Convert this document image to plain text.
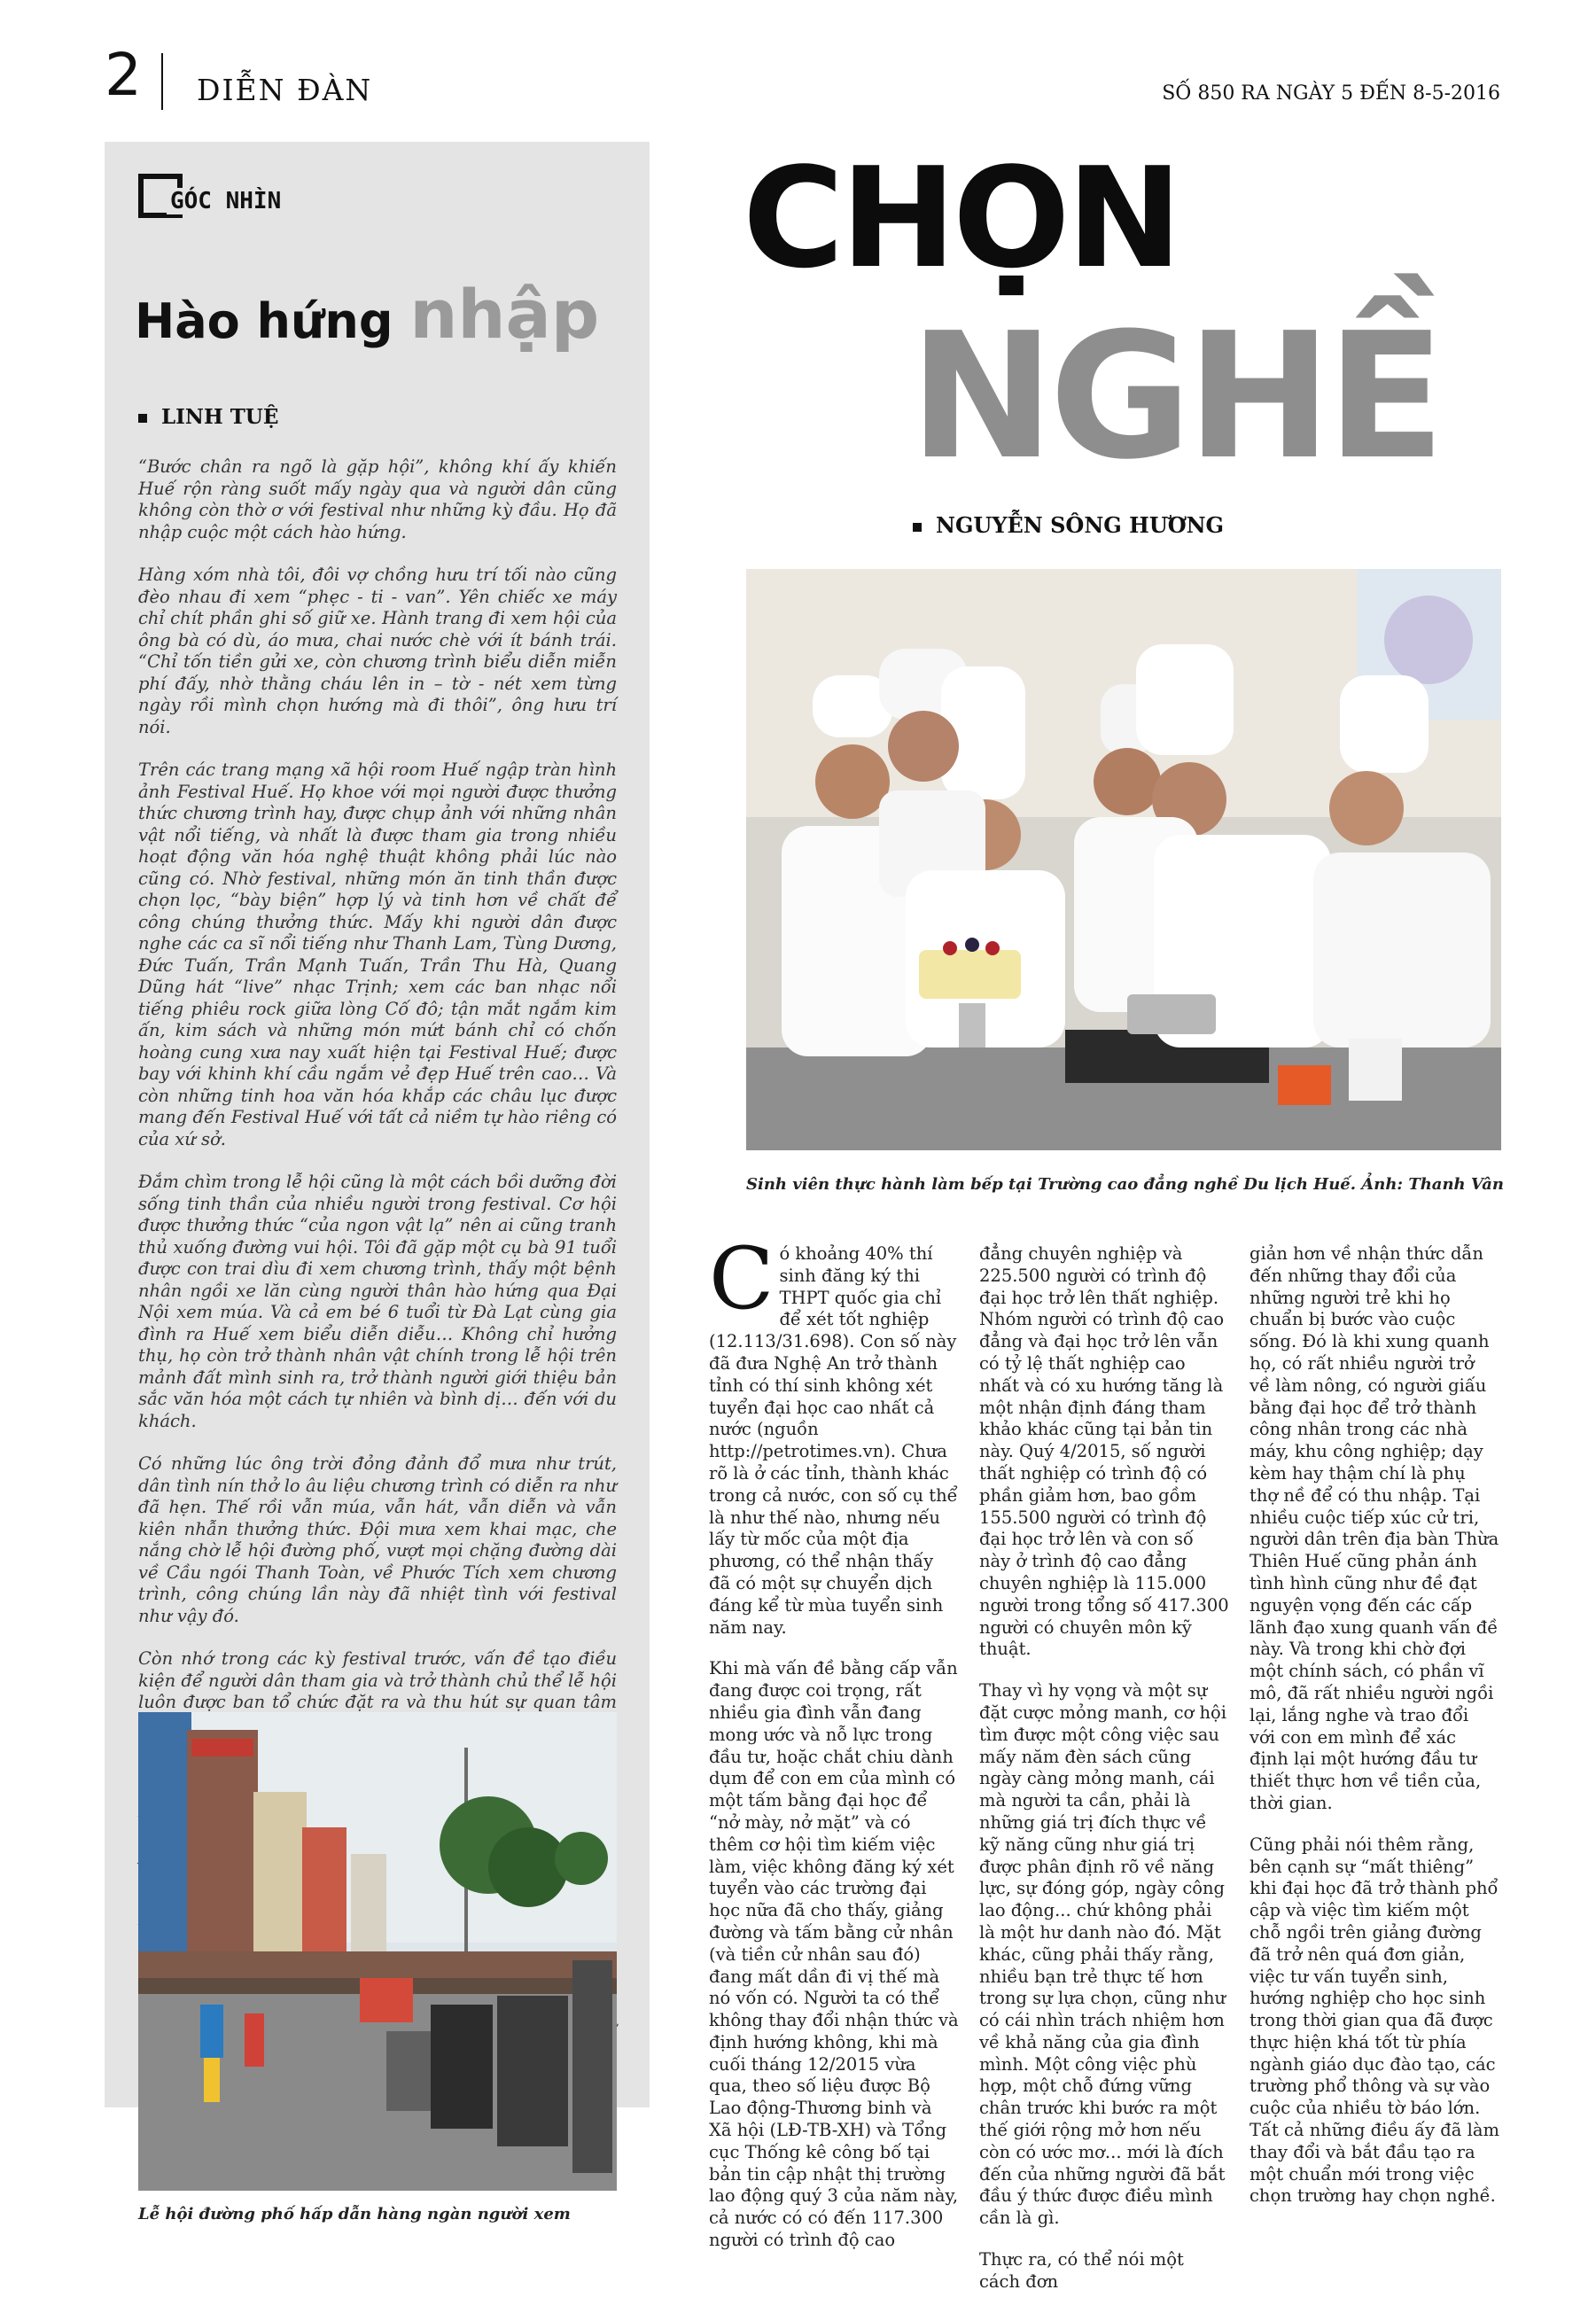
2 DIỄN ĐÀN	SỐ 850 RA NGÀY 5 ĐẾN 8-5-2016
GÓC NHÌN
Hào hứng nhập
LINH TUỆ

“Bước chân ra ngõ là gặp hội”, không khí ấy khiến Huế rộn ràng suốt mấy ngày qua và người dân cũng không còn thờ ơ với festival như những kỳ đầu. Họ đã nhập cuộc một cách hào hứng.

Hàng xóm nhà tôi, đôi vợ chồng hưu trí tối nào cũng đèo nhau đi xem “phẹc - ti - van”. Yên chiếc xe máy chỉ chít phần ghi số giữ xe. Hành trang đi xem hội của ông bà có dù, áo mưa, chai nước chè với ít bánh trái. “Chỉ tốn tiền gửi xe, còn chương trình biểu diễn miễn phí đấy, nhờ thằng cháu lên in – tờ - nét xem từng ngày rồi mình chọn hướng mà đi thôi”, ông hưu trí nói.

Trên các trang mạng xã hội room Huế ngập tràn hình ảnh Festival Huế. Họ khoe với mọi người được thưởng thức chương trình hay, được chụp ảnh với những nhân vật nổi tiếng, và nhất là được tham gia trong nhiều hoạt động văn hóa nghệ thuật không phải lúc nào cũng có. Nhờ festival, những món ăn tinh thần được chọn lọc, “bày biện” hợp lý và tinh hơn về chất để công chúng thưởng thức. Mấy khi người dân được nghe các ca sĩ nổi tiếng như Thanh Lam, Tùng Dương, Đức Tuấn, Trần Mạnh Tuấn, Trần Thu Hà, Quang Dũng hát “live” nhạc Trịnh; xem các ban nhạc nổi tiếng phiêu rock giữa lòng Cố đô; tận mắt ngắm kim ấn, kim sách và những món mứt bánh chỉ có chốn hoàng cung xưa nay xuất hiện tại Festival Huế; được bay với khinh khí cầu ngắm vẻ đẹp Huế trên cao… Và còn những tinh hoa văn hóa khắp các châu lục được mang đến Festival Huế với tất cả niềm tự hào riêng có của xứ sở.

Đắm chìm trong lễ hội cũng là một cách bồi dưỡng đời sống tinh thần của nhiều người trong festival. Cơ hội được thưởng thức “của ngon vật lạ” nên ai cũng tranh thủ xuống đường vui hội. Tôi đã gặp một cụ bà 91 tuổi được con trai dìu đi xem chương trình, thấy một bệnh nhân ngồi xe lăn cùng người thân hào hứng qua Đại Nội xem múa. Và cả em bé 6 tuổi từ Đà Lạt cùng gia đình ra Huế xem biểu diễn diễu… Không chỉ hưởng thụ, họ còn trở thành nhân vật chính trong lễ hội trên mảnh đất mình sinh ra, trở thành người giới thiệu bản sắc văn hóa một cách tự nhiên và bình dị… đến với du khách.

Có những lúc ông trời đỏng đảnh đổ mưa như trút, dân tình nín thở lo âu liệu chương trình có diễn ra như đã hẹn. Thế rồi vẫn múa, vẫn hát, vẫn diễn và vẫn kiên nhẫn thưởng thức. Đội mưa xem khai mạc, che nắng chờ lễ hội đường phố, vượt mọi chặng đường dài về Cầu ngói Thanh Toàn, về Phước Tích xem chương trình, công chúng lần này đã nhiệt tình với festival như vậy đó.

Còn nhớ trong các kỳ festival trước, vấn đề tạo điều kiện để người dân tham gia và trở thành chủ thể lễ hội luôn được ban tổ chức đặt ra và thu hút sự quan tâm

Lễ hội đường phố hấp dẫn hàng ngàn người xem
CHỌN
NGHỀ
NGUYỄN SÔNG HƯƠNG
Sinh viên thực hành làm bếp tại Trường cao đẳng nghề Du lịch Huế. Ảnh: Thanh Vân

Có khoảng 40% thí sinh đăng ký thi THPT quốc gia chỉ để xét tốt nghiệp (12.113/31.698). Con số này đã đưa Nghệ An trở thành tỉnh có thí sinh không xét tuyển đại học cao nhất cả nước (nguồn http://petrotimes.vn). Chưa rõ là ở các tỉnh, thành khác trong cả nước, con số cụ thể là như thế nào, nhưng nếu lấy từ mốc của một địa phương, có thể nhận thấy đã có một sự chuyển dịch đáng kể từ mùa tuyển sinh năm nay.

Khi mà vấn đề bằng cấp vẫn đang được coi trọng, rất nhiều gia đình vẫn đang mong ước và nỗ lực trong đầu tư, hoặc chắt chiu dành dụm để con em của mình có một tấm bằng đại học để “nở mày, nở mặt” và có thêm cơ hội tìm kiếm việc làm, việc không đăng ký xét tuyển vào các trường đại học nữa đã cho thấy, giảng đường và tấm bằng cử nhân (và tiền cử nhân sau đó) đang mất dần đi vị thế mà nó vốn có. Người ta có thể không thay đổi nhận thức và định hướng không, khi mà cuối tháng 12/2015 vừa qua, theo số liệu được Bộ Lao động-Thương binh và Xã hội (LĐ-TB-XH) và Tổng cục Thống kê công bố tại bản tin cập nhật thị trường lao động quý 3 của năm này, cả nước có có đến 117.300 người có trình độ cao

đẳng chuyên nghiệp và 225.500 người có trình độ đại học trở lên thất nghiệp. Nhóm người có trình độ cao đẳng và đại học trở lên vẫn có tỷ lệ thất nghiệp cao nhất và có xu hướng tăng là một nhận định đáng tham khảo khác cũng tại bản tin này. Quý 4/2015, số người thất nghiệp có trình độ có phần giảm hơn, bao gồm 155.500 người có trình độ đại học trở lên và con số này ở trình độ cao đẳng chuyên nghiệp là 115.000 người trong tổng số 417.300 người có chuyên môn kỹ thuật.

Thay vì hy vọng và một sự đặt cược mỏng manh, cơ hội tìm được một công việc sau mấy năm đèn sách cũng ngày càng mỏng manh, cái mà người ta cần, phải là những giá trị đích thực về kỹ năng cũng như giá trị được phân định rõ về năng lực, sự đóng góp, ngày công lao động... chứ không phải là một hư danh nào đó. Mặt khác, cũng phải thấy rằng, nhiều bạn trẻ thực tế hơn trong sự lựa chọn, cũng như có cái nhìn trách nhiệm hơn về khả năng của gia đình mình. Một công việc phù hợp, một chỗ đứng vững chân trước khi bước ra một thế giới rộng mở hơn nếu còn có ước mơ... mới là đích đến của những người đã bắt đầu ý thức được điều mình cần là gì.

Thực ra, có thể nói một cách đơn

giản hơn về nhận thức dẫn đến những thay đổi của những người trẻ khi họ chuẩn bị bước vào cuộc sống. Đó là khi xung quanh họ, có rất nhiều người trở về làm nông, có người giấu bằng đại học để trở thành công nhân trong các nhà máy, khu công nghiệp; dạy kèm hay thậm chí là phụ thợ nề để có thu nhập. Tại nhiều cuộc tiếp xúc cử tri, người dân trên địa bàn Thừa Thiên Huế cũng phản ánh tình hình cũng như đề đạt nguyện vọng đến các cấp lãnh đạo xung quanh vấn đề này. Và trong khi chờ đợi một chính sách, có phần vĩ mô, đã rất nhiều người ngồi lại, lắng nghe và trao đổi với con em mình để xác định lại một hướng đầu tư thiết thực hơn về tiền của, thời gian.

Cũng phải nói thêm rằng, bên cạnh sự “mất thiêng” khi đại học đã trở thành phổ cập và việc tìm kiếm một chỗ ngồi trên giảng đường đã trở nên quá đơn giản, việc tư vấn tuyển sinh, hướng nghiệp cho học sinh trong thời gian qua đã được thực hiện khá tốt từ phía ngành giáo dục đào tạo, các trường phổ thông và sự vào cuộc của nhiều tờ báo lớn. Tất cả những điều ấy đã làm thay đổi và bắt đầu tạo ra một chuẩn mới trong việc chọn trường hay chọn nghề.
